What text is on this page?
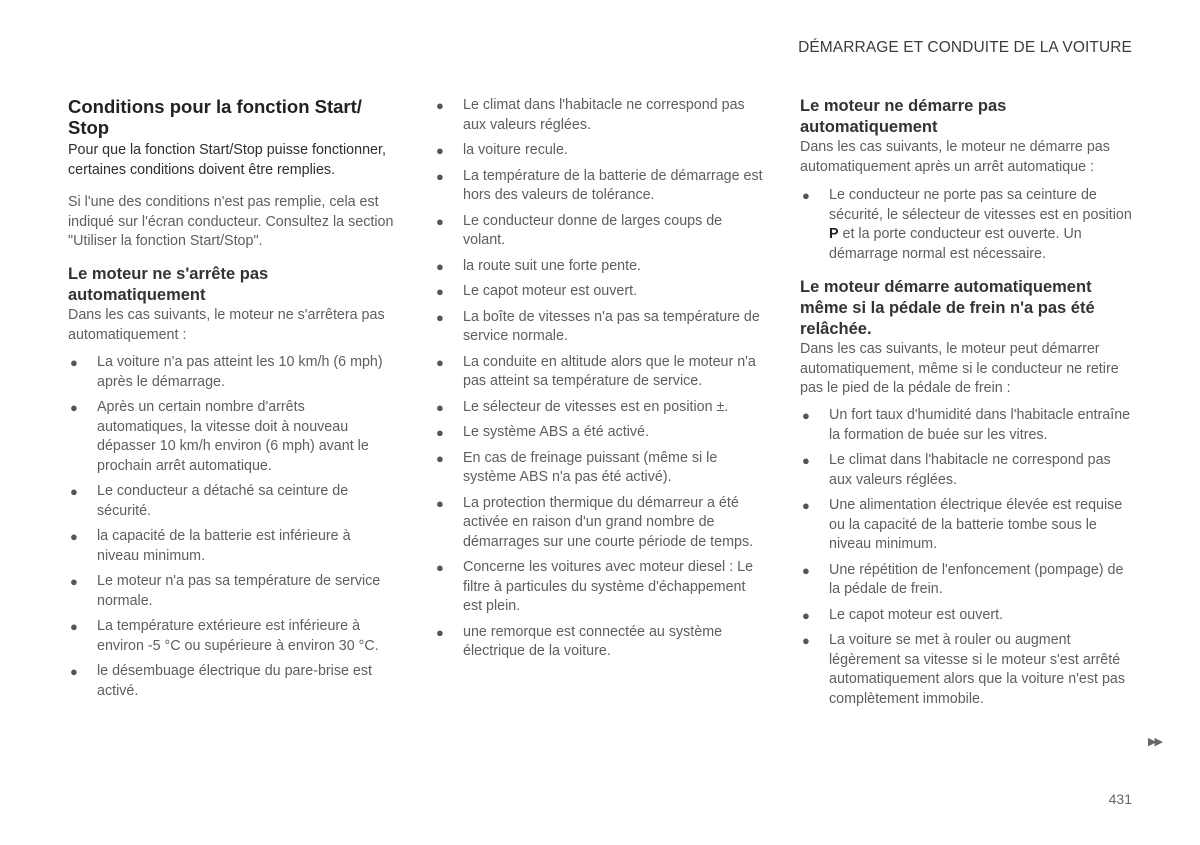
DÉMARRAGE ET CONDUITE DE LA VOITURE
Conditions pour la fonction Start/ Stop

Pour que la fonction Start/Stop puisse fonctionner, certaines conditions doivent être remplies.

Si l'une des conditions n'est pas remplie, cela est indiqué sur l'écran conducteur. Consultez la section "Utiliser la fonction Start/Stop".

Le moteur ne s'arrête pas automatiquement

Dans les cas suivants, le moteur ne s'arrêtera pas automatiquement :

● La voiture n'a pas atteint les 10 km/h (6 mph) après le démarrage.
● Après un certain nombre d'arrêts automatiques, la vitesse doit à nouveau dépasser 10 km/h environ (6 mph) avant le prochain arrêt automatique.
● Le conducteur a détaché sa ceinture de sécurité.
● la capacité de la batterie est inférieure à niveau minimum.
● Le moteur n'a pas sa température de service normale.
● La température extérieure est inférieure à environ -5 °C ou supérieure à environ 30 °C.
● le désembuage électrique du pare-brise est activé.
● Le climat dans l'habitacle ne correspond pas aux valeurs réglées.
● la voiture recule.
● La température de la batterie de démarrage est hors des valeurs de tolérance.
● Le conducteur donne de larges coups de volant.
● la route suit une forte pente.
● Le capot moteur est ouvert.
● La boîte de vitesses n'a pas sa température de service normale.
● La conduite en altitude alors que le moteur n'a pas atteint sa température de service.
● Le sélecteur de vitesses est en position ±.
● Le système ABS a été activé.
● En cas de freinage puissant (même si le système ABS n'a pas été activé).
● La protection thermique du démarreur a été activée en raison d'un grand nombre de démarrages sur une courte période de temps.
● Concerne les voitures avec moteur diesel : Le filtre à particules du système d'échappement est plein.
● une remorque est connectée au système électrique de la voiture.
Le moteur ne démarre pas automatiquement

Dans les cas suivants, le moteur ne démarre pas automatiquement après un arrêt automatique :

● Le conducteur ne porte pas sa ceinture de sécurité, le sélecteur de vitesses est en position P et la porte conducteur est ouverte. Un démarrage normal est nécessaire.
Le moteur démarre automatiquement même si la pédale de frein n'a pas été relâchée.

Dans les cas suivants, le moteur peut démarrer automatiquement, même si le conducteur ne retire pas le pied de la pédale de frein :

● Un fort taux d'humidité dans l'habitacle entraîne la formation de buée sur les vitres.
● Le climat dans l'habitacle ne correspond pas aux valeurs réglées.
● Une alimentation électrique élevée est requise ou la capacité de la batterie tombe sous le niveau minimum.
● Une répétition de l'enfoncement (pompage) de la pédale de frein.
● Le capot moteur est ouvert.
● La voiture se met à rouler ou augment légèrement sa vitesse si le moteur s'est arrêté automatiquement alors que la voiture n'est pas complètement immobile.
▶▶
431
